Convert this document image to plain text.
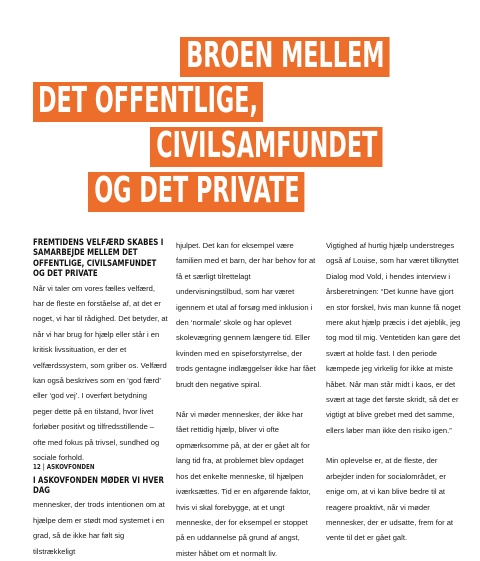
BROEN MELLEM
DET OFFENTLIGE,
CIVILSAMFUNDET
OG DET PRIVATE
FREMTIDENS VELFÆRD SKABES I SAMARBEJDE MELLEM DET OFFENTLIGE, CIVILSAMFUNDET OG DET PRIVATE

Når vi taler om vores fælles velfærd, har de fleste en forståelse af, at det er noget, vi har til rådighed. Det betyder, at når vi har brug for hjælp eller står i en kritisk livssituation, er der et velfærdssystem, som griber os. Velfærd kan også beskrives som en ‘god færd’ eller ‘god vej’. I overført betydning peger dette på en tilstand, hvor livet forløber positivt og tilfredsstillende – ofte med fokus på trivsel, sundhed og sociale forhold.

I ASKOVFONDEN MØDER VI HVER DAG

mennesker, der trods intentionen om at hjælpe dem er stødt mod systemet i en grad, så de ikke har følt sig tilstrækkeligt

hjulpet. Det kan for eksempel være familien med et barn, der har behov for at få et særligt tilrettelagt undervisningstilbud, som har været igennem et utal af forsøg med inklusion i den ‘normale’ skole og har oplevet skolevægring gennem længere tid. Eller kvinden med en spiseforstyrrelse, der trods gentagne indlæggelser ikke har fået brudt den negative spiral.

Når vi møder mennesker, der ikke har fået rettidig hjælp, bliver vi ofte opmærksomme på, at der er gået alt for lang tid fra, at problemet blev opdaget hos det enkelte menneske, til hjælpen iværksættes. Tid er en afgørende faktor, hvis vi skal forebygge, at et ungt menneske, der for eksempel er stoppet på en uddannelse på grund af angst, mister håbet om et normalt liv.

Vigtighed af hurtig hjælp understreges også af Louise, som har været tilknyttet Dialog mod Vold, i hendes interview i årsberetningen: “Det kunne have gjort en stor forskel, hvis man kunne få noget mere akut hjælp præcis i det øjeblik, jeg tog mod til mig. Ventetiden kan gøre det svært at holde fast. I den periode kæmpede jeg virkelig for ikke at miste håbet. Når man står midt i kaos, er det svært at tage det første skridt, så det er vigtigt at blive grebet med det samme, ellers løber man ikke den risiko igen.”

Min oplevelse er, at de fleste, der arbejder inden for socialområdet, er enige om, at vi kan blive bedre til at reagere proaktivt, når vi møder mennesker, der er udsatte, frem for at vente til det er gået galt.

12 | ASKOVFONDEN
